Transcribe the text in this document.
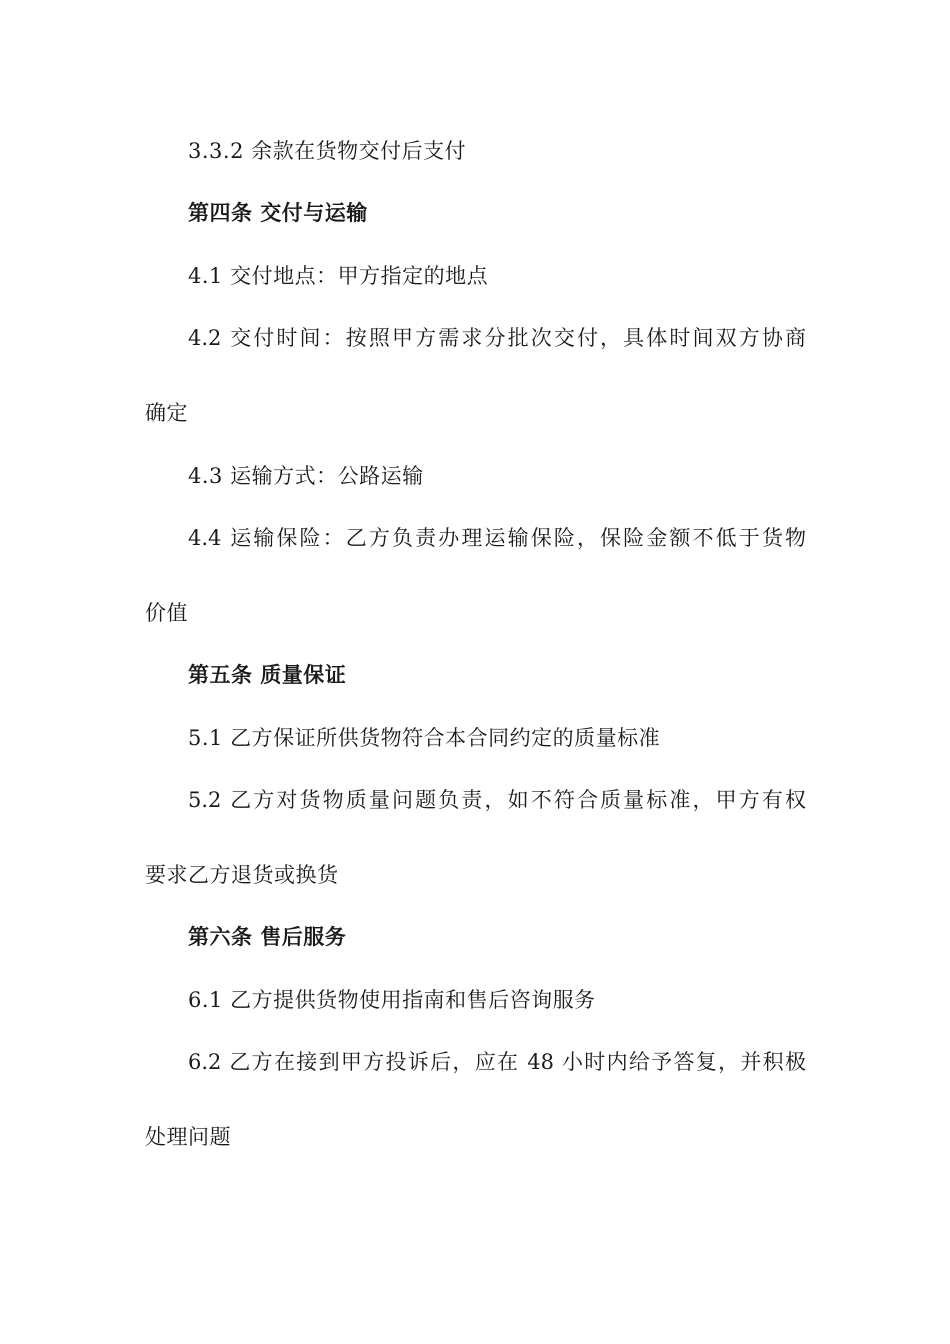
3.3.2 余款在货物交付后支付
第四条 交付与运输
4.1 交付地点：甲方指定的地点
4.2 交付时间：按照甲方需求分批次交付，具体时间双方协商
确定
4.3 运输方式：公路运输
4.4 运输保险：乙方负责办理运输保险，保险金额不低于货物
价值
第五条 质量保证
5.1 乙方保证所供货物符合本合同约定的质量标准
5.2 乙方对货物质量问题负责，如不符合质量标准，甲方有权
要求乙方退货或换货
第六条 售后服务
6.1 乙方提供货物使用指南和售后咨询服务
6.2 乙方在接到甲方投诉后，应在 48 小时内给予答复，并积极
处理问题
